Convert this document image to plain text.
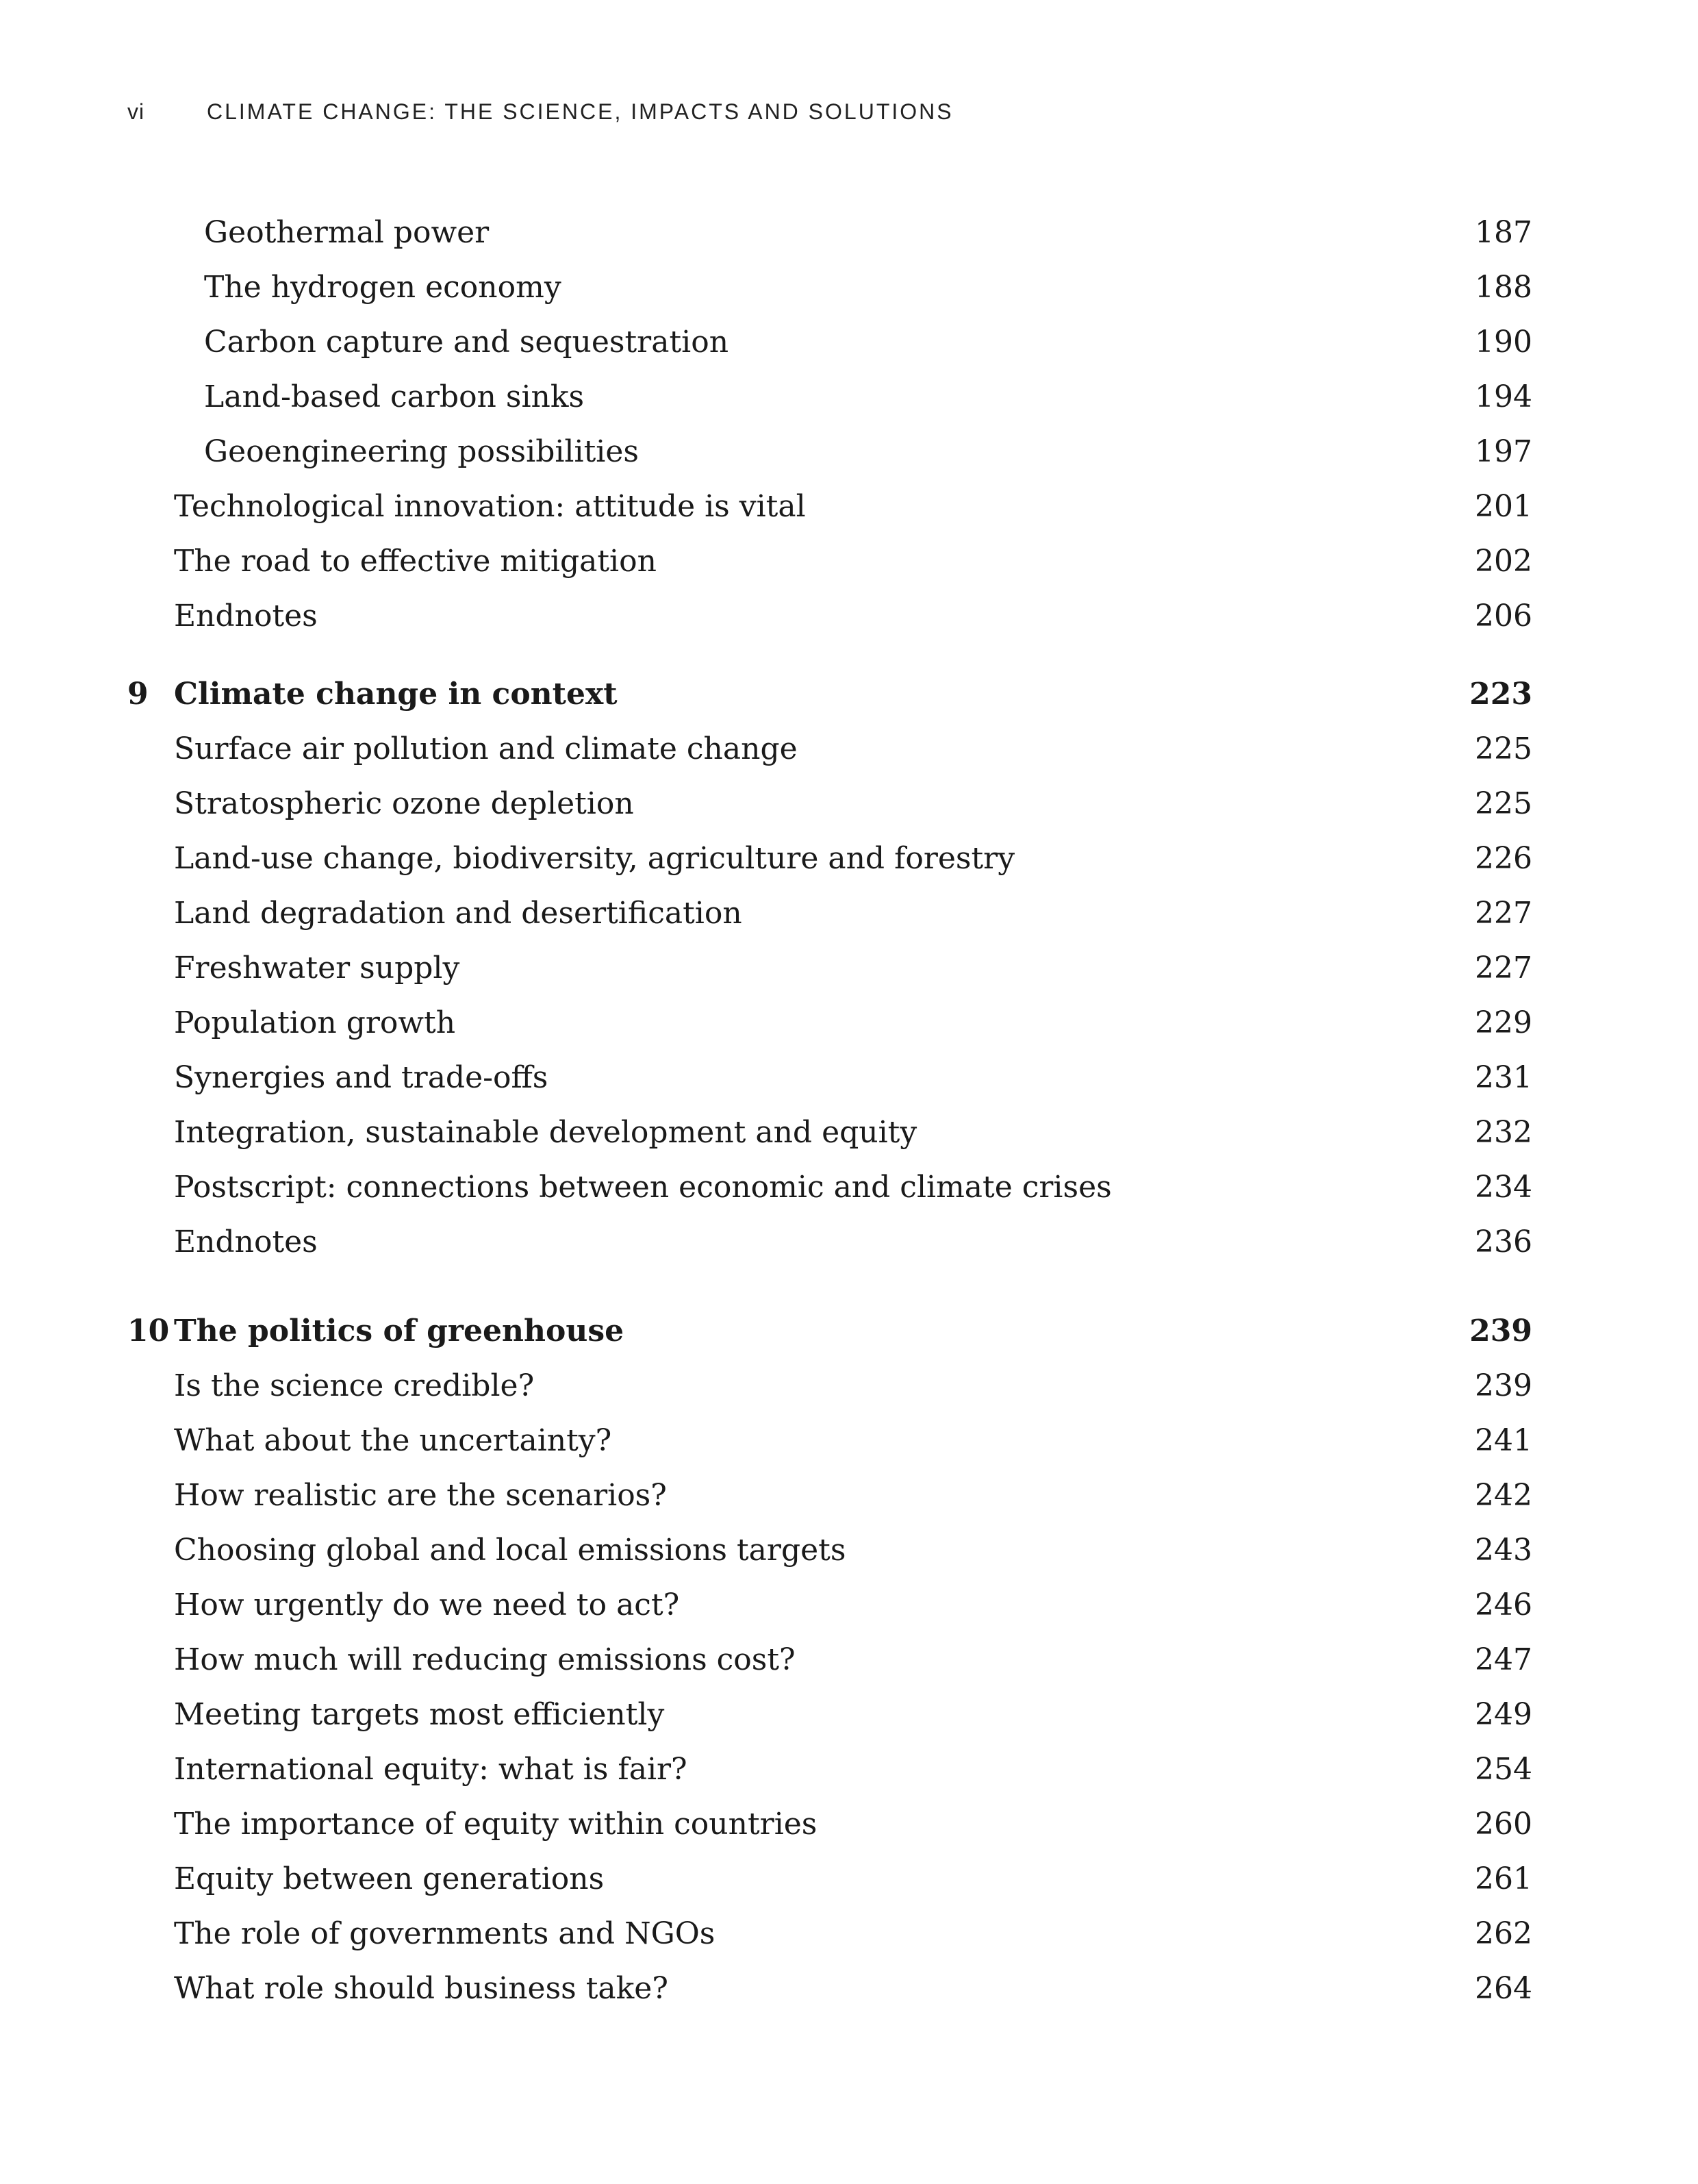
vi	CLIMATE CHANGE: THE SCIENCE, IMPACTS AND SOLUTIONS
Geothermal power	187
The hydrogen economy	188
Carbon capture and sequestration	190
Land-based carbon sinks	194
Geoengineering possibilities	197
Technological innovation: attitude is vital	201
The road to effective mitigation	202
Endnotes	206
9 Climate change in context	223
Surface air pollution and climate change	225
Stratospheric ozone depletion	225
Land-use change, biodiversity, agriculture and forestry	226
Land degradation and desertification	227
Freshwater supply	227
Population growth	229
Synergies and trade-offs	231
Integration, sustainable development and equity	232
Postscript: connections between economic and climate crises	234
Endnotes	236
10 The politics of greenhouse	239
Is the science credible?	239
What about the uncertainty?	241
How realistic are the scenarios?	242
Choosing global and local emissions targets	243
How urgently do we need to act?	246
How much will reducing emissions cost?	247
Meeting targets most efficiently	249
International equity: what is fair?	254
The importance of equity within countries	260
Equity between generations	261
The role of governments and NGOs	262
What role should business take?	264
